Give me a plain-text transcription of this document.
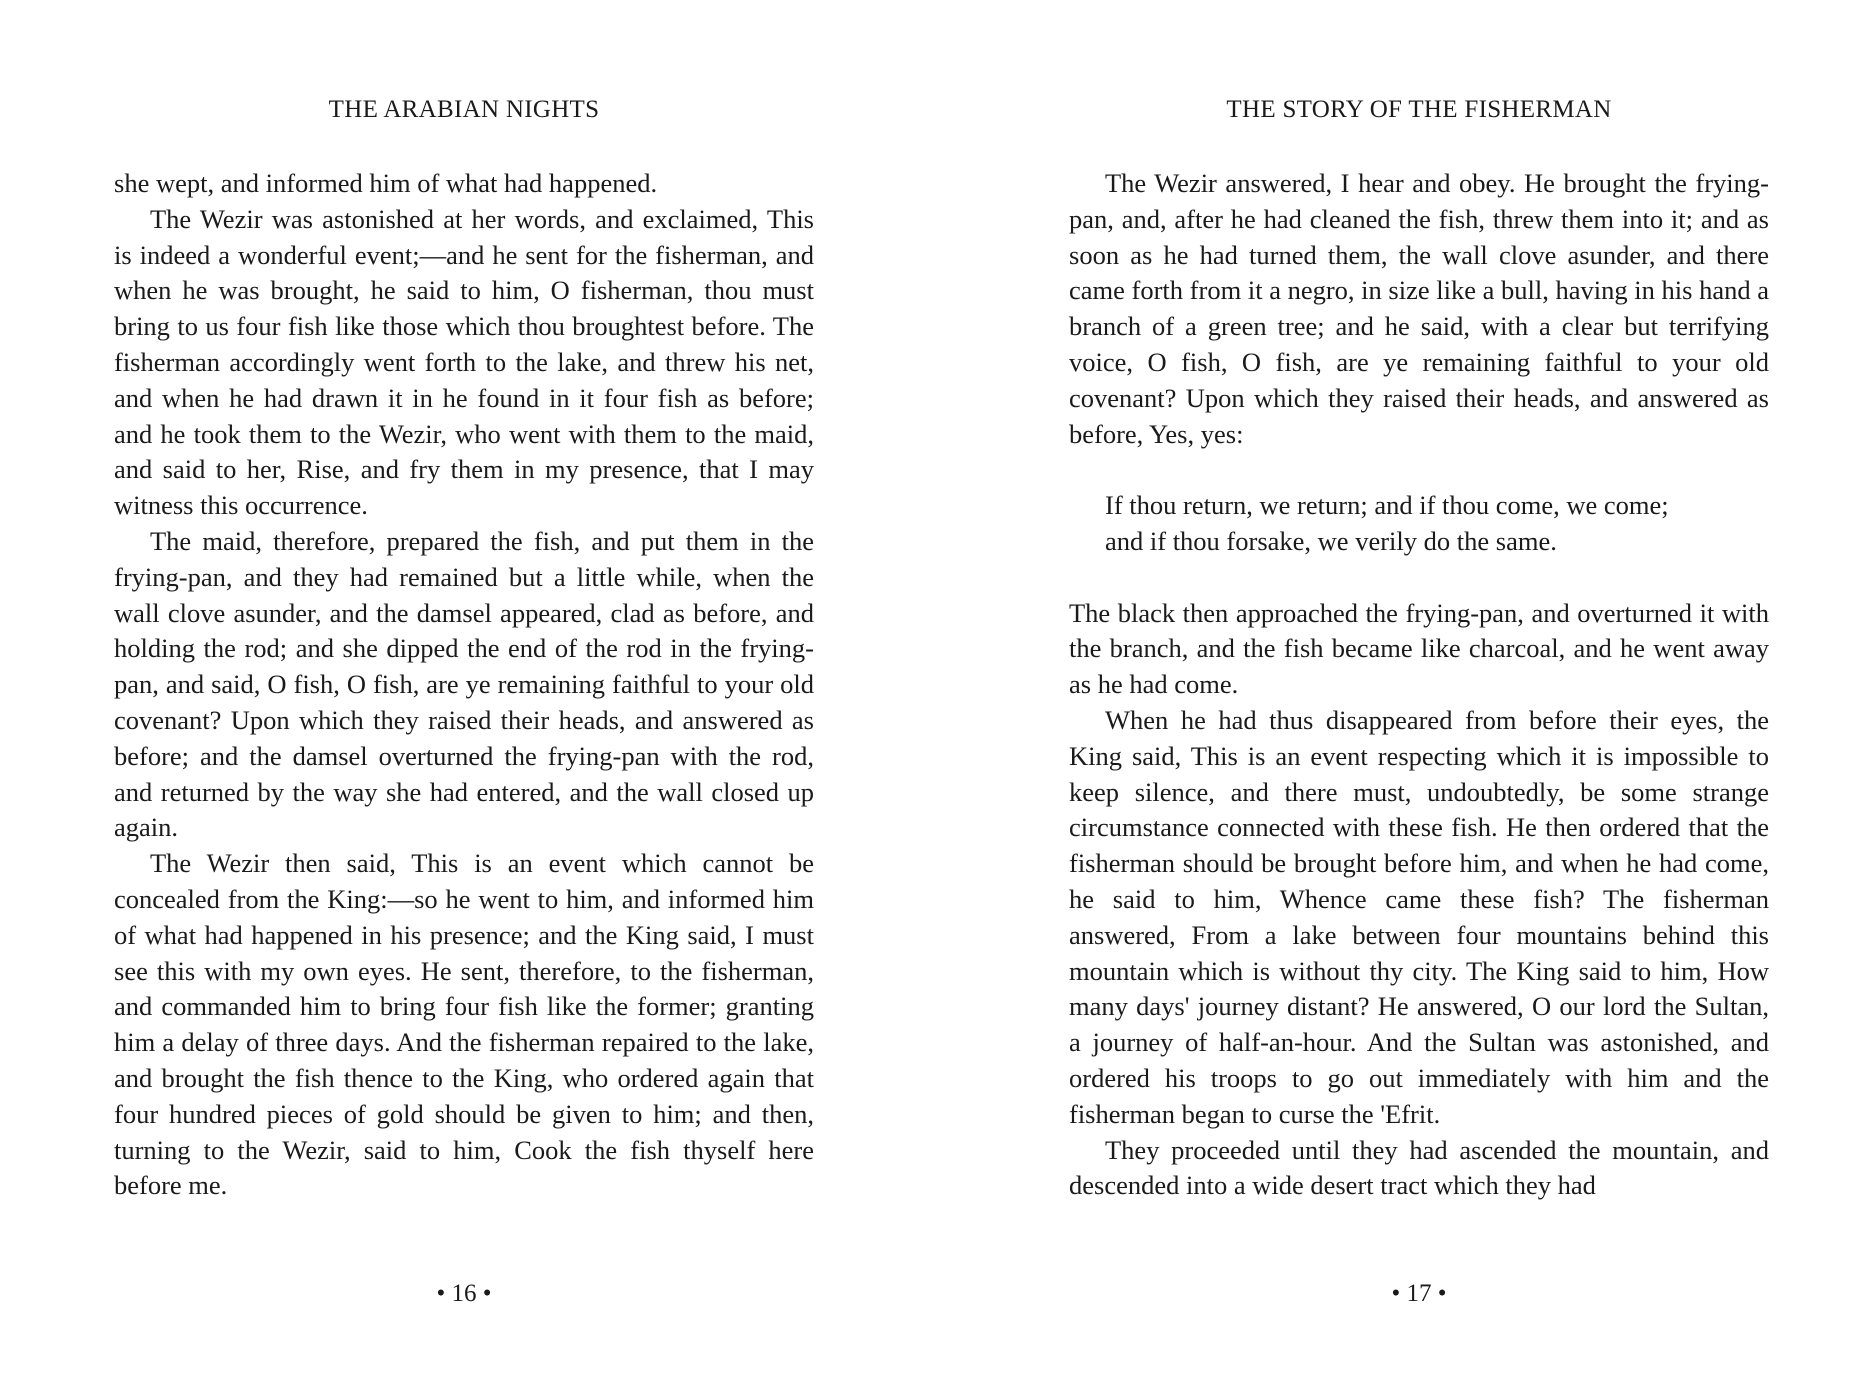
THE ARABIAN NIGHTS

she wept, and informed him of what had happened.

The Wezir was astonished at her words, and exclaimed, This is indeed a wonderful event;—and he sent for the fisherman, and when he was brought, he said to him, O fisherman, thou must bring to us four fish like those which thou broughtest before. The fisherman accordingly went forth to the lake, and threw his net, and when he had drawn it in he found in it four fish as before; and he took them to the Wezir, who went with them to the maid, and said to her, Rise, and fry them in my presence, that I may witness this occurrence.

The maid, therefore, prepared the fish, and put them in the frying-pan, and they had remained but a little while, when the wall clove asunder, and the damsel appeared, clad as before, and holding the rod; and she dipped the end of the rod in the frying-pan, and said, O fish, O fish, are ye remaining faithful to your old covenant? Upon which they raised their heads, and answered as before; and the damsel overturned the frying-pan with the rod, and returned by the way she had entered, and the wall closed up again.

The Wezir then said, This is an event which cannot be concealed from the King:—so he went to him, and informed him of what had happened in his presence; and the King said, I must see this with my own eyes. He sent, therefore, to the fisherman, and commanded him to bring four fish like the former; granting him a delay of three days. And the fisherman repaired to the lake, and brought the fish thence to the King, who ordered again that four hundred pieces of gold should be given to him; and then, turning to the Wezir, said to him, Cook the fish thyself here before me.

• 16 •
THE STORY OF THE FISHERMAN

The Wezir answered, I hear and obey. He brought the frying-pan, and, after he had cleaned the fish, threw them into it; and as soon as he had turned them, the wall clove asunder, and there came forth from it a negro, in size like a bull, having in his hand a branch of a green tree; and he said, with a clear but terrifying voice, O fish, O fish, are ye remaining faithful to your old covenant? Upon which they raised their heads, and answered as before, Yes, yes:

If thou return, we return; and if thou come, we come;
and if thou forsake, we verily do the same.

The black then approached the frying-pan, and overturned it with the branch, and the fish became like charcoal, and he went away as he had come.

When he had thus disappeared from before their eyes, the King said, This is an event respecting which it is impossible to keep silence, and there must, undoubtedly, be some strange circumstance connected with these fish. He then ordered that the fisherman should be brought before him, and when he had come, he said to him, Whence came these fish? The fisherman answered, From a lake between four mountains behind this mountain which is without thy city. The King said to him, How many days' journey distant? He answered, O our lord the Sultan, a journey of half-an-hour. And the Sultan was astonished, and ordered his troops to go out immediately with him and the fisherman began to curse the 'Efrit.

They proceeded until they had ascended the mountain, and descended into a wide desert tract which they had

• 17 •
